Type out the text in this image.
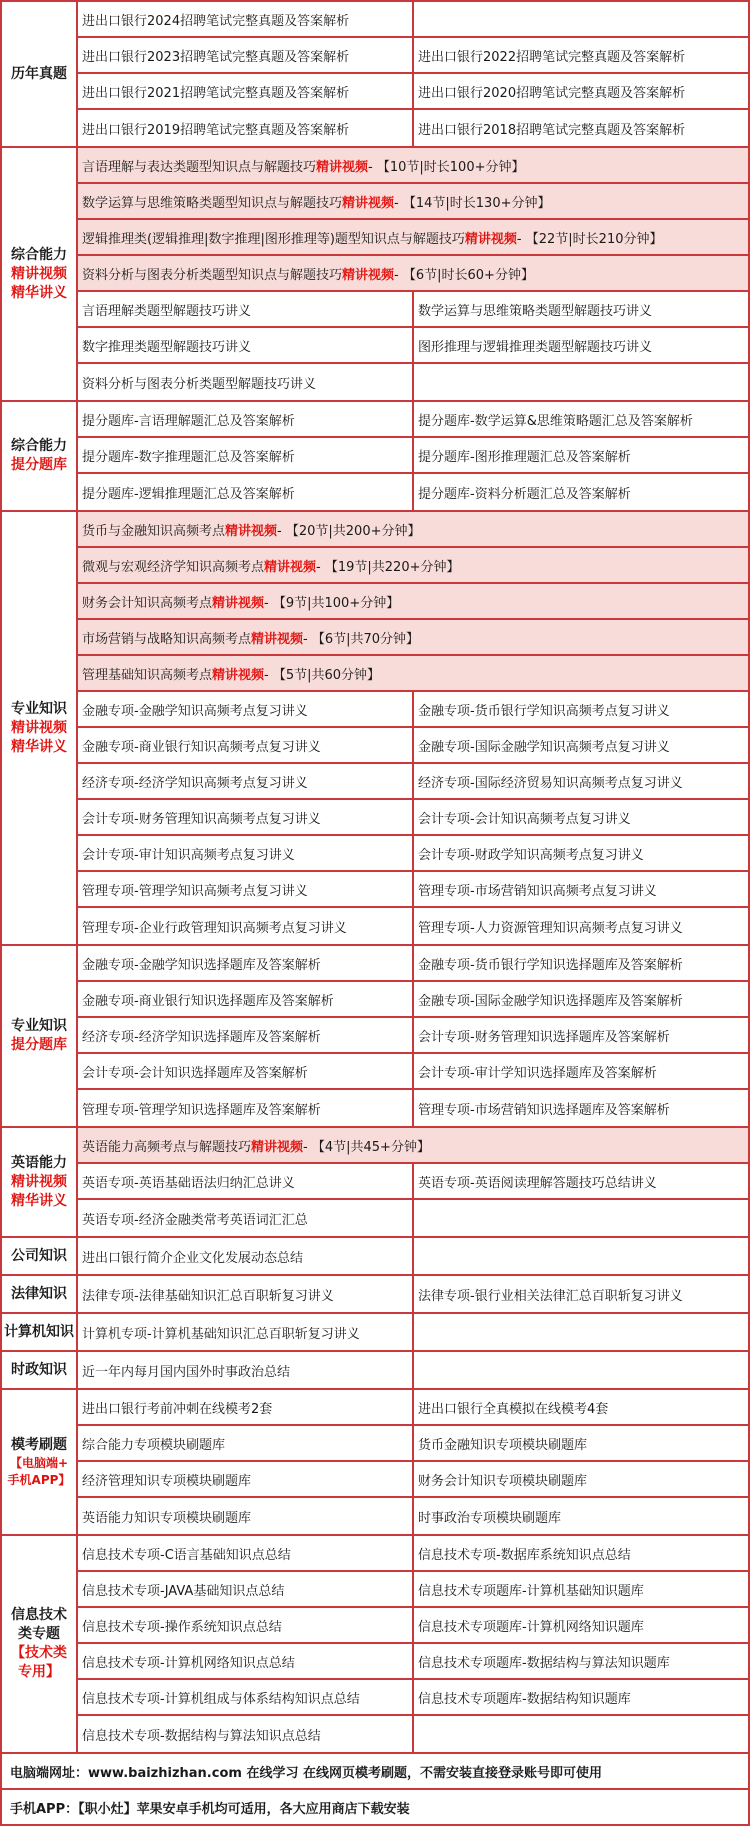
历年真题
进出口银行2024招聘笔试完整真题及答案解析
进出口银行2023招聘笔试完整真题及答案解析	进出口银行2022招聘笔试完整真题及答案解析
进出口银行2021招聘笔试完整真题及答案解析	进出口银行2020招聘笔试完整真题及答案解析
进出口银行2019招聘笔试完整真题及答案解析	进出口银行2018招聘笔试完整真题及答案解析
综合能力
精讲视频
精华讲义
言语理解与表达类题型知识点与解题技巧 精讲视频 - 【10节|时长100+分钟】
数学运算与思维策略类题型知识点与解题技巧 精讲视频 - 【14节|时长130+分钟】
逻辑推理类(逻辑推理|数字推理|图形推理等)题型知识点与解题技巧 精讲视频 - 【22节|时长210分钟】
资料分析与图表分析类题型知识点与解题技巧 精讲视频 - 【6节|时长60+分钟】
言语理解类题型解题技巧讲义	数学运算与思维策略类题型解题技巧讲义
数字推理类题型解题技巧讲义	图形推理与逻辑推理类题型解题技巧讲义
资料分析与图表分析类题型解题技巧讲义
综合能力
提分题库
提分题库-言语理解题汇总及答案解析	提分题库-数学运算&思维策略题汇总及答案解析
提分题库-数字推理题汇总及答案解析	提分题库-图形推理题汇总及答案解析
提分题库-逻辑推理题汇总及答案解析	提分题库-资料分析题汇总及答案解析
专业知识
精讲视频
精华讲义
货币与金融知识高频考点 精讲视频 - 【20节|共200+分钟】
微观与宏观经济学知识高频考点 精讲视频 - 【19节|共220+分钟】
财务会计知识高频考点 精讲视频 - 【9节|共100+分钟】
市场营销与战略知识高频考点 精讲视频 - 【6节|共70分钟】
管理基础知识高频考点 精讲视频 - 【5节|共60分钟】
金融专项-金融学知识高频考点复习讲义	金融专项-货币银行学知识高频考点复习讲义
金融专项-商业银行知识高频考点复习讲义	金融专项-国际金融学知识高频考点复习讲义
经济专项-经济学知识高频考点复习讲义	经济专项-国际经济贸易知识高频考点复习讲义
会计专项-财务管理知识高频考点复习讲义	会计专项-会计知识高频考点复习讲义
会计专项-审计知识高频考点复习讲义	会计专项-财政学知识高频考点复习讲义
管理专项-管理学知识高频考点复习讲义	管理专项-市场营销知识高频考点复习讲义
管理专项-企业行政管理知识高频考点复习讲义	管理专项-人力资源管理知识高频考点复习讲义
专业知识
提分题库
金融专项-金融学知识选择题库及答案解析	金融专项-货币银行学知识选择题库及答案解析
金融专项-商业银行知识选择题库及答案解析	金融专项-国际金融学知识选择题库及答案解析
经济专项-经济学知识选择题库及答案解析	会计专项-财务管理知识选择题库及答案解析
会计专项-会计知识选择题库及答案解析	会计专项-审计学知识选择题库及答案解析
管理专项-管理学知识选择题库及答案解析	管理专项-市场营销知识选择题库及答案解析
英语能力
精讲视频
精华讲义
英语能力高频考点与解题技巧 精讲视频 - 【4节|共45+分钟】
英语专项-英语基础语法归纳汇总讲义	英语专项-英语阅读理解答题技巧总结讲义
英语专项-经济金融类常考英语词汇汇总
公司知识	进出口银行简介企业文化发展动态总结
法律知识	法律专项-法律基础知识汇总百职斩复习讲义	法律专项-银行业相关法律汇总百职斩复习讲义
计算机知识 计算机专项-计算机基础知识汇总百职斩复习讲义
时政知识	近一年内每月国内国外时事政治总结
模考刷题
【电脑端+
手机APP】
进出口银行考前冲刺在线模考2套	进出口银行全真模拟在线模考4套
综合能力专项模块刷题库	货币金融知识专项模块刷题库
经济管理知识专项模块刷题库	财务会计知识专项模块刷题库
英语能力知识专项模块刷题库	时事政治专项模块刷题库
信息技术
类专题
【技术类
专用】
信息技术专项-C语言基础知识点总结	信息技术专项-数据库系统知识点总结
信息技术专项-JAVA基础知识点总结	信息技术专项题库-计算机基础知识题库
信息技术专项-操作系统知识点总结	信息技术专项题库-计算机网络知识题库
信息技术专项-计算机网络知识点总结	信息技术专项题库-数据结构与算法知识题库
信息技术专项-计算机组成与体系结构知识点总结	信息技术专项题库-数据结构知识题库
信息技术专项-数据结构与算法知识点总结
电脑端网址：www.baizhizhan.com 在线学习 在线网页模考刷题，不需安装直接登录账号即可使用
手机APP：【职小灶】苹果安卓手机均可适用，各大应用商店下载安装
